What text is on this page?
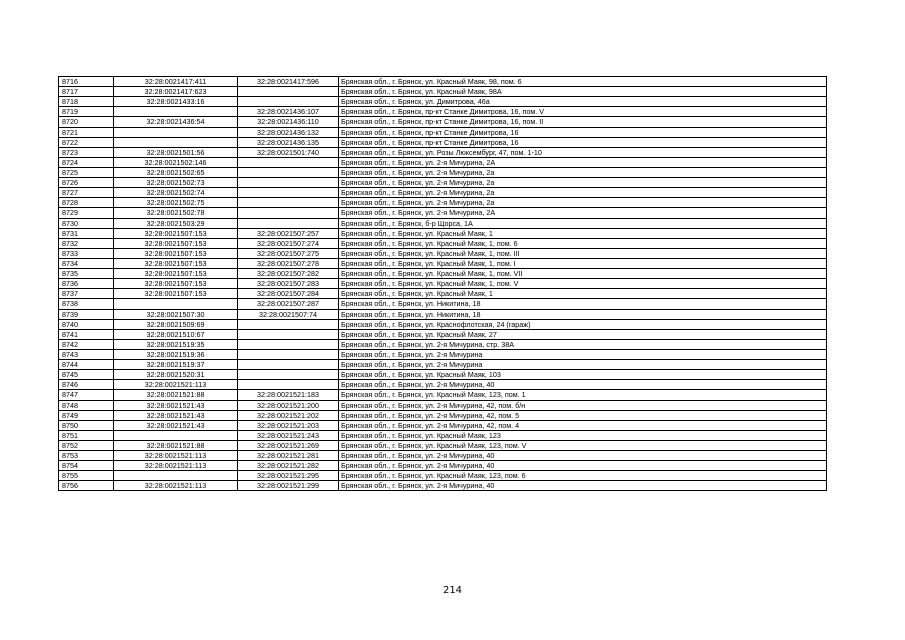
8716	32:28:0021417:411	32:28:0021417:596	Брянская обл., г. Брянск, ул. Красный Маяк, 98, пом. 6
8717	32:28:0021417:623		Брянская обл., г. Брянск, ул. Красный Маяк, 98А
8718	32:28:0021433:16		Брянская обл., г. Брянск, ул. Димитрова, 46а
8719		32:28:0021436:107	Брянская обл., г. Брянск, пр-кт Станке Димитрова, 16, пом. V
8720	32:28:0021436:54	32:28:0021436:110	Брянская обл., г. Брянск, пр-кт Станке Димитрова, 16, пом. II
8721		32:28:0021436:132	Брянская обл., г. Брянск, пр-кт Станке Димитрова, 16
8722		32:28:0021436:135	Брянская обл., г. Брянск, пр-кт Станке Димитрова, 16
8723	32:28:0021501:56	32:28:0021501:740	Брянская обл., г. Брянск, ул. Розы Люксембург, 47, пом. 1-10
8724	32:28:0021502:146		Брянская обл., г. Брянск, ул. 2-я Мичурина, 2А
8725	32:28:0021502:65		Брянская обл., г. Брянск, ул. 2-я Мичурина, 2а
8726	32:28:0021502:73		Брянская обл., г. Брянск, ул. 2-я Мичурина, 2а
8727	32:28:0021502:74		Брянская обл., г. Брянск, ул. 2-я Мичурина, 2а
8728	32:28:0021502:75		Брянская обл., г. Брянск, ул. 2-я Мичурина, 2а
8729	32:28:0021502:78		Брянская обл., г. Брянск, ул. 2-я Мичурина, 2А
8730	32:28:0021503:29		Брянская обл., г. Брянск, б-р Щорса, 1А
8731	32:28:0021507:153	32:28:0021507:257	Брянская обл., г. Брянск, ул. Красный Маяк, 1
8732	32:28:0021507:153	32:28:0021507:274	Брянская обл., г. Брянск, ул. Красный Маяк, 1, пом. 6
8733	32:28:0021507:153	32:28:0021507:275	Брянская обл., г. Брянск, ул. Красный Маяк, 1, пом. III
8734	32:28:0021507:153	32:28:0021507:278	Брянская обл., г. Брянск, ул. Красный Маяк, 1, пом. I
8735	32:28:0021507:153	32:28:0021507:282	Брянская обл., г. Брянск, ул. Красный Маяк, 1, пом. VII
8736	32:28:0021507:153	32:28:0021507:283	Брянская обл., г. Брянск, ул. Красный Маяк, 1, пом. V
8737	32:28:0021507:153	32:28:0021507:284	Брянская обл., г. Брянск, ул. Красный Маяк, 1
8738		32:28:0021507:287	Брянская обл., г. Брянск, ул. Никитина, 18
8739	32:28:0021507:30	32:28:0021507:74	Брянская обл., г. Брянск, ул. Никитина, 18
8740	32:28:0021509:69		Брянская обл., г. Брянск, ул. Краснофлотская, 24 (гараж)
8741	32:28:0021510:67		Брянская обл., г. Брянск, ул. Красный Маяк, 27
8742	32:28:0021519:35		Брянская обл., г. Брянск, ул. 2-я Мичурина, стр. 38А
8743	32:28:0021519:36		Брянская обл., г. Брянск, ул. 2-я Мичурина
8744	32:28:0021519:37		Брянская обл., г. Брянск, ул. 2-я Мичурина
8745	32:28:0021520:31		Брянская обл., г. Брянск, ул. Красный Маяк, 103
8746	32:28:0021521:113		Брянская обл., г. Брянск, ул. 2-я Мичурина, 40
8747	32:28:0021521:88	32:28:0021521:183	Брянская обл., г. Брянск, ул. Красный Маяк, 123, пом. 1
8748	32:28:0021521:43	32:28:0021521:200	Брянская обл., г. Брянск, ул. 2-я Мичурина, 42, пом. б/н
8749	32:28:0021521:43	32:28:0021521:202	Брянская обл., г. Брянск, ул. 2-я Мичурина, 42, пом. 5
8750	32:28:0021521:43	32:28:0021521:203	Брянская обл., г. Брянск, ул. 2-я Мичурина, 42, пом. 4
8751		32:28:0021521:243	Брянская обл., г. Брянск, ул. Красный Маяк, 123
8752	32:28:0021521:88	32:28:0021521:269	Брянская обл., г. Брянск, ул. Красный Маяк, 123, пом. V
8753	32:28:0021521:113	32:28:0021521:281	Брянская обл., г. Брянск, ул. 2-я Мичурина, 40
8754	32:28:0021521:113	32:28:0021521:282	Брянская обл., г. Брянск, ул. 2-я Мичурина, 40
8755		32:28:0021521:295	Брянская обл., г. Брянск, ул. Красный Маяк, 123, пом. 6
8756	32:28:0021521:113	32:28:0021521:299	Брянская обл., г. Брянск, ул. 2-я Мичурина, 40
214
